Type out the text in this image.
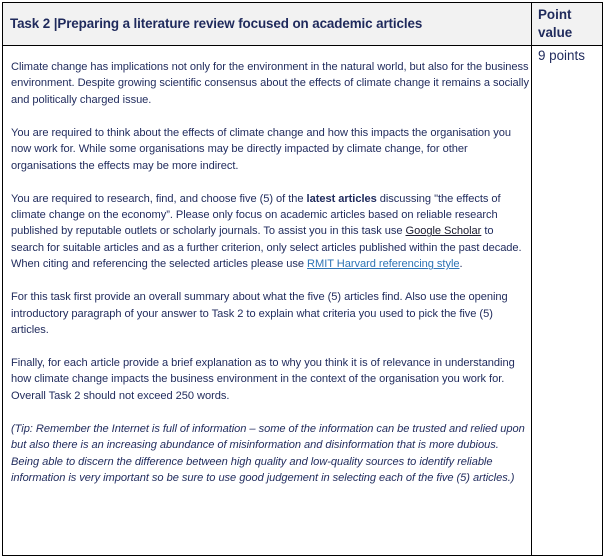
Task 2 |Preparing a literature review focused on academic articles
Point
value
9 points

Climate change has implications not only for the environment in the natural world, but also for the business environment. Despite growing scientific consensus about the effects of climate change it remains a socially and politically charged issue.

You are required to think about the effects of climate change and how this impacts the organisation you now work for. While some organisations may be directly impacted by climate change, for other organisations the effects may be more indirect.

You are required to research, find, and choose five (5) of the latest articles discussing "the effects of climate change on the economy”. Please only focus on academic articles based on reliable research published by reputable outlets or scholarly journals. To assist you in this task use Google Scholar to search for suitable articles and as a further criterion, only select articles published within the past decade. When citing and referencing the selected articles please use RMIT Harvard referencing style.

For this task first provide an overall summary about what the five (5) articles find. Also use the opening introductory paragraph of your answer to Task 2 to explain what criteria you used to pick the five (5) articles.

Finally, for each article provide a brief explanation as to why you think it is of relevance in understanding how climate change impacts the business environment in the context of the organisation you work for. Overall Task 2 should not exceed 250 words.

(Tip: Remember the Internet is full of information – some of the information can be trusted and relied upon but also there is an increasing abundance of misinformation and disinformation that is more dubious. Being able to discern the difference between high quality and low-quality sources to identify reliable information is very important so be sure to use good judgement in selecting each of the five (5) articles.)
